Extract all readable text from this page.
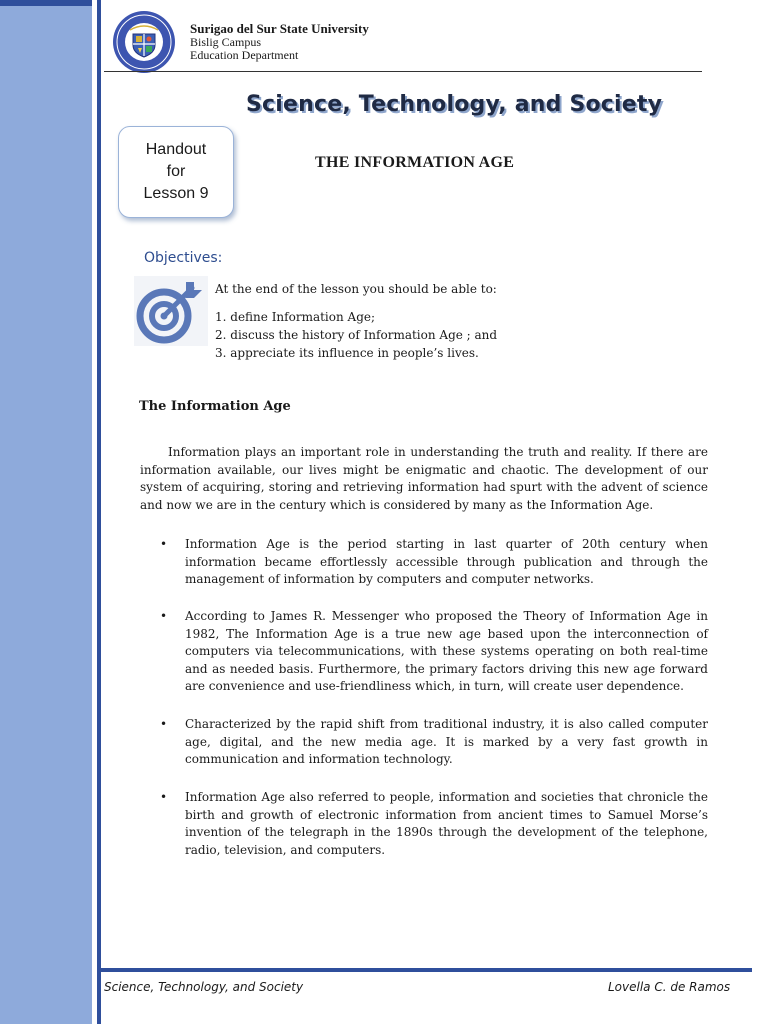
Surigao del Sur State University
Bislig Campus
Education Department
Science, Technology, and Society
Handout
for
Lesson 9
THE INFORMATION AGE
Objectives:
At the end of the lesson you should be able to:
1. define Information Age;
2. discuss the history of Information Age ; and
3. appreciate its influence in people’s lives.
The Information Age
Information plays an important role in understanding the truth and reality. If there are information available, our lives might be enigmatic and chaotic. The development of our system of acquiring, storing and retrieving information had spurt with the advent of science and now we are in the century which is considered by many as the Information Age.
•	Information Age is the period starting in last quarter of 20th century when information became effortlessly accessible through publication and through the management of information by computers and computer networks.
•	According to James R. Messenger who proposed the Theory of Information Age in 1982, The Information Age is a true new age based upon the interconnection of computers via telecommunications, with these systems operating on both real-time and as needed basis. Furthermore, the primary factors driving this new age forward are convenience and use-friendliness which, in turn, will create user dependence.
•	Characterized by the rapid shift from traditional industry, it is also called computer age, digital, and the new media age. It is marked by a very fast growth in communication and information technology.
•	Information Age also referred to people, information and societies that chronicle the birth and growth of electronic information from ancient times to Samuel Morse’s invention of the telegraph in the 1890s through the development of the telephone, radio, television, and computers.
Science, Technology, and Society	Lovella C. de Ramos
